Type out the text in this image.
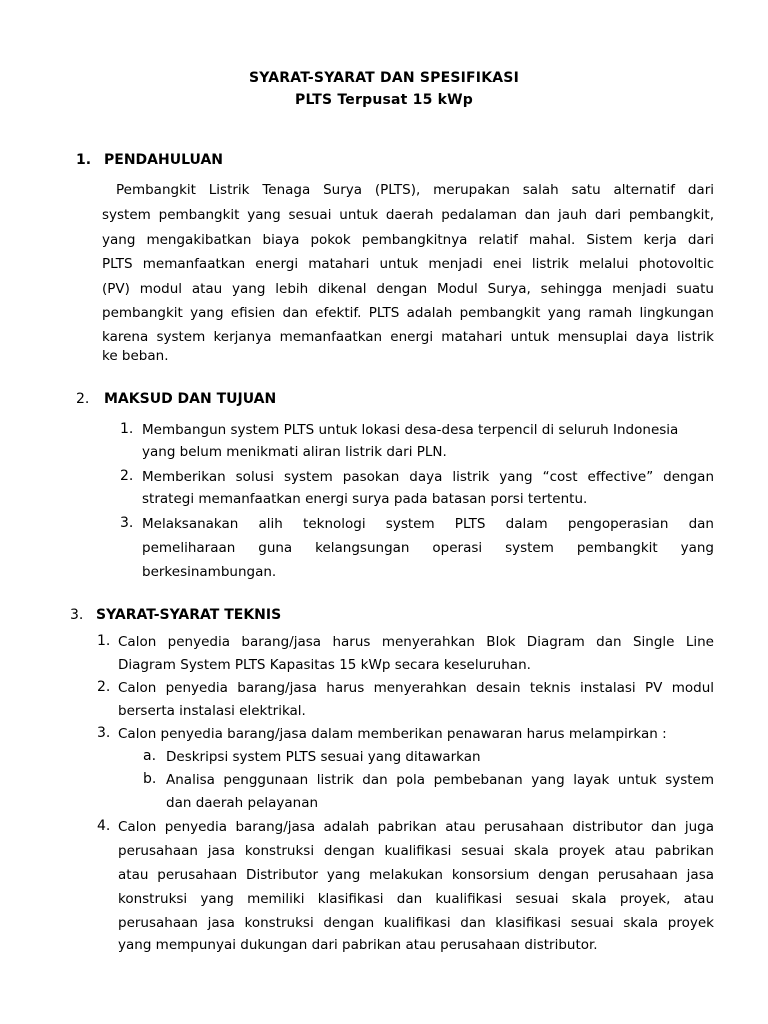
SYARAT-SYARAT DAN SPESIFIKASI
PLTS Terpusat 15 kWp
1. PENDAHULUAN
Pembangkit Listrik Tenaga Surya (PLTS), merupakan salah satu alternatif dari
system pembangkit yang sesuai untuk daerah pedalaman dan jauh dari pembangkit,
yang mengakibatkan biaya pokok pembangkitnya relatif mahal. Sistem kerja dari
PLTS memanfaatkan energi matahari untuk menjadi enei listrik melalui photovoltic
(PV) modul atau yang lebih dikenal dengan Modul Surya, sehingga menjadi suatu
pembangkit yang efisien dan efektif. PLTS adalah pembangkit yang ramah lingkungan
karena system kerjanya memanfaatkan energi matahari untuk mensuplai daya listrik
ke beban.
2. MAKSUD DAN TUJUAN
1. Membangun system PLTS untuk lokasi desa-desa terpencil di seluruh Indonesia
yang belum menikmati aliran listrik dari PLN.
2. Memberikan solusi system pasokan daya listrik yang “cost effective” dengan
strategi memanfaatkan energi surya pada batasan porsi tertentu.
3. Melaksanakan alih teknologi system PLTS dalam pengoperasian dan
pemeliharaan guna kelangsungan operasi system pembangkit yang
berkesinambungan.
3. SYARAT-SYARAT TEKNIS
1. Calon penyedia barang/jasa harus menyerahkan Blok Diagram dan Single Line
Diagram System PLTS Kapasitas 15 kWp secara keseluruhan.
2. Calon penyedia barang/jasa harus menyerahkan desain teknis instalasi PV modul
berserta instalasi elektrikal.
3. Calon penyedia barang/jasa dalam memberikan penawaran harus melampirkan :
a. Deskripsi system PLTS sesuai yang ditawarkan
b. Analisa penggunaan listrik dan pola pembebanan yang layak untuk system
dan daerah pelayanan
4. Calon penyedia barang/jasa adalah pabrikan atau perusahaan distributor dan juga
perusahaan jasa konstruksi dengan kualifikasi sesuai skala proyek atau pabrikan
atau perusahaan Distributor yang melakukan konsorsium dengan perusahaan jasa
konstruksi yang memiliki klasifikasi dan kualifikasi sesuai skala proyek, atau
perusahaan jasa konstruksi dengan kualifikasi dan klasifikasi sesuai skala proyek
yang mempunyai dukungan dari pabrikan atau perusahaan distributor.
